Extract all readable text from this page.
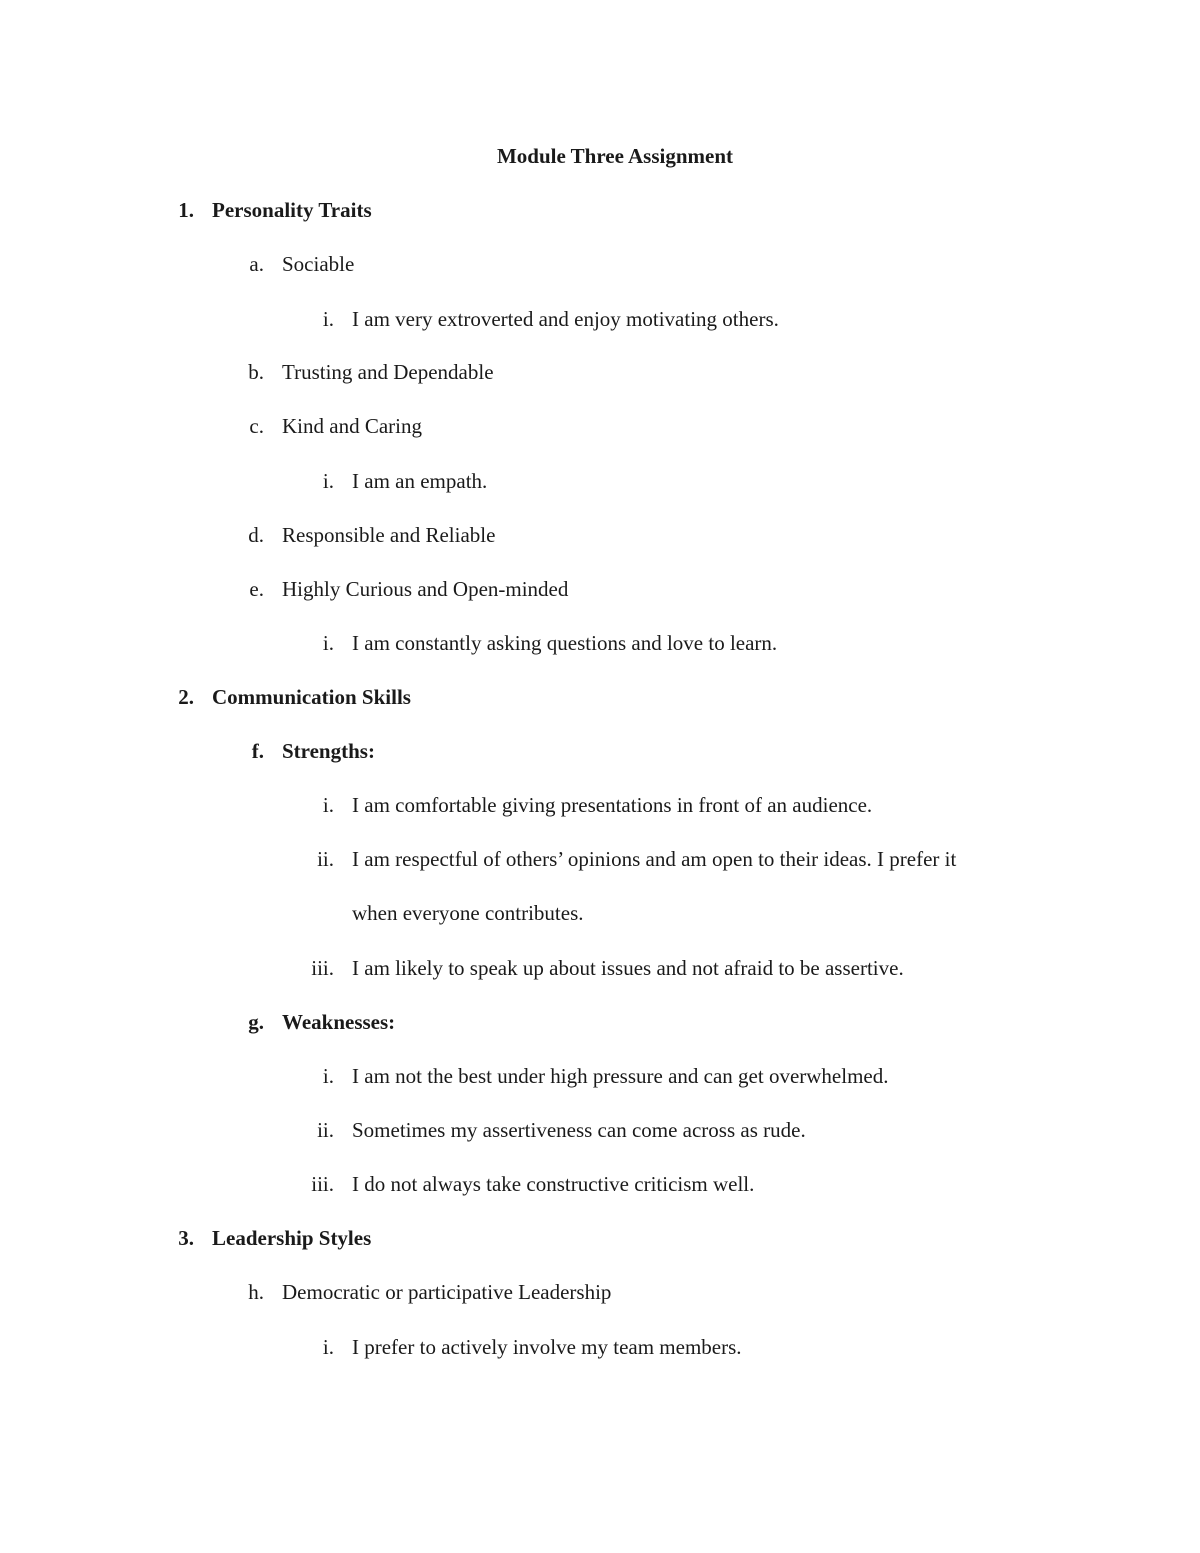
Module Three Assignment
1. Personality Traits
a. Sociable
i. I am very extroverted and enjoy motivating others.
b. Trusting and Dependable
c. Kind and Caring
i. I am an empath.
d. Responsible and Reliable
e. Highly Curious and Open-minded
i. I am constantly asking questions and love to learn.
2. Communication Skills
f. Strengths:
i. I am comfortable giving presentations in front of an audience.
ii. I am respectful of others’ opinions and am open to their ideas. I prefer it
when everyone contributes.
iii. I am likely to speak up about issues and not afraid to be assertive.
g. Weaknesses:
i. I am not the best under high pressure and can get overwhelmed.
ii. Sometimes my assertiveness can come across as rude.
iii. I do not always take constructive criticism well.
3. Leadership Styles
h. Democratic or participative Leadership
i. I prefer to actively involve my team members.
